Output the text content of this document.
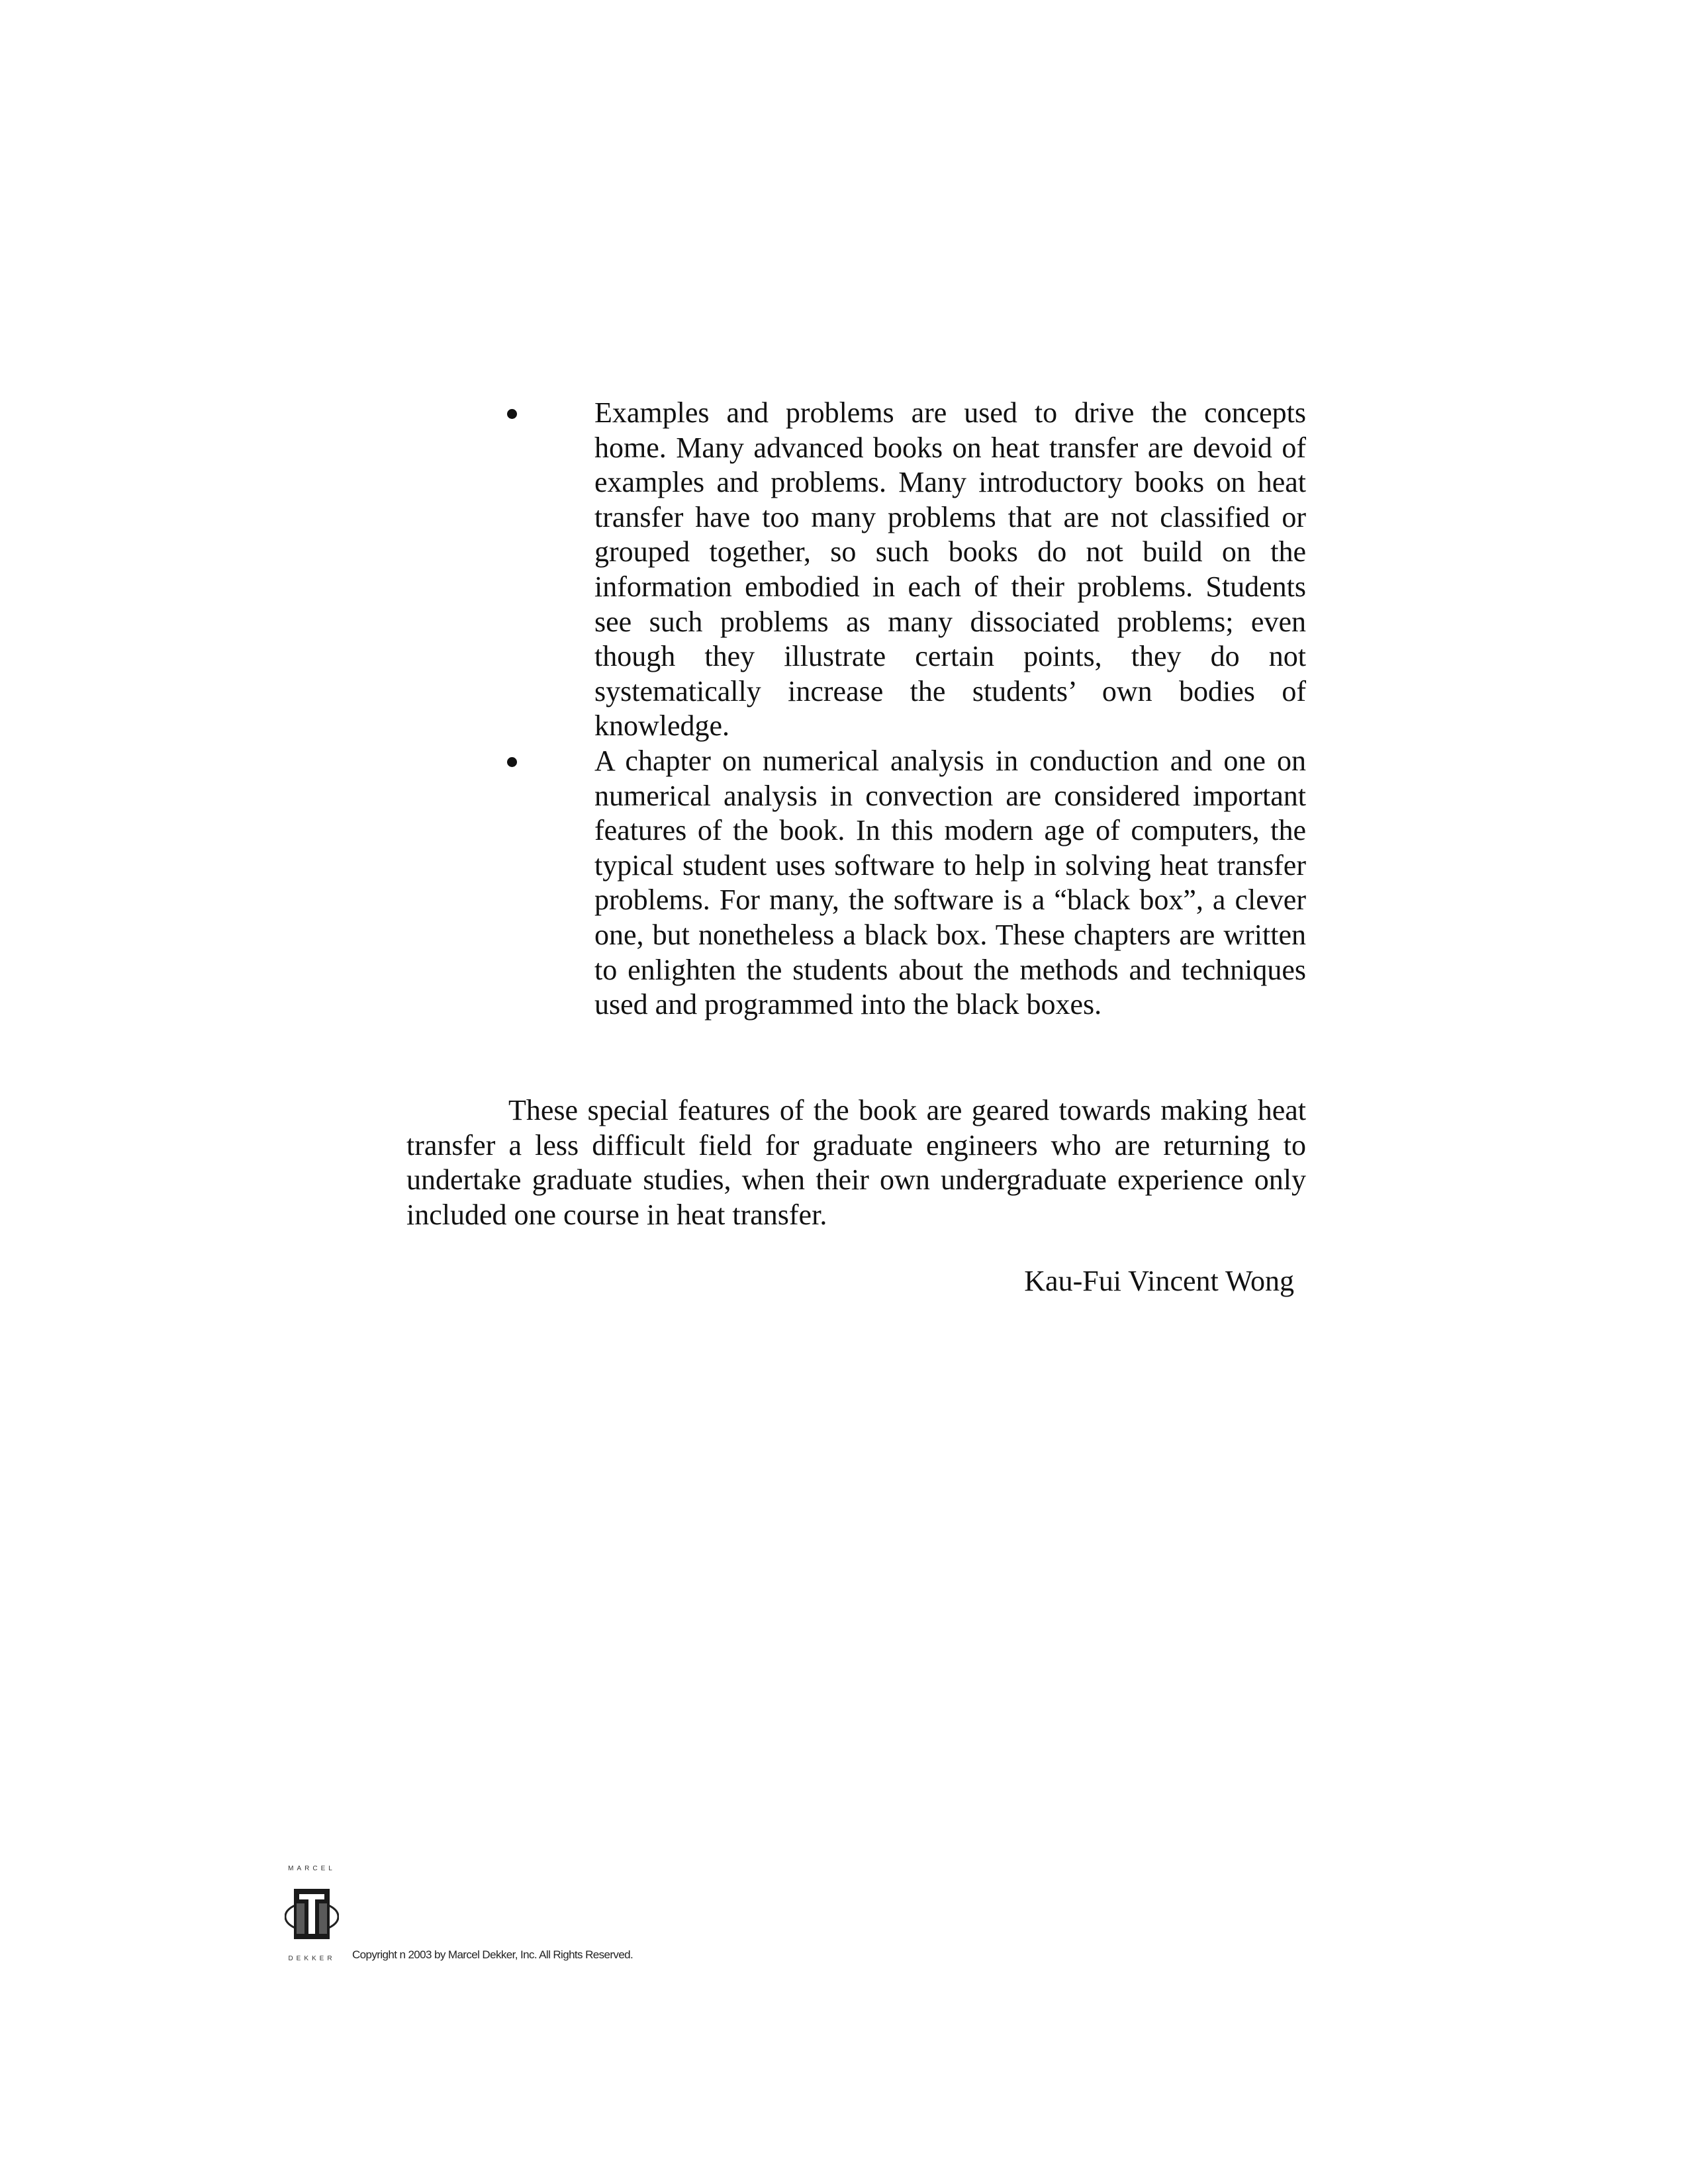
Examples and problems are used to drive the concepts home. Many advanced books on heat transfer are devoid of examples and problems. Many introductory books on heat transfer have too many problems that are not classified or grouped together, so such books do not build on the information embodied in each of their problems. Students see such problems as many dissociated problems; even though they illustrate certain points, they do not systematically increase the students’ own bodies of knowledge.
A chapter on numerical analysis in conduction and one on numerical analysis in convection are considered important features of the book. In this modern age of computers, the typical student uses software to help in solving heat transfer problems. For many, the software is a “black box”, a clever one, but nonetheless a black box. These chapters are written to enlighten the students about the methods and techniques used and programmed into the black boxes.

These special features of the book are geared towards making heat transfer a less difficult field for graduate engineers who are returning to undertake graduate studies, when their own undergraduate experience only included one course in heat transfer.

Kau-Fui Vincent Wong

MARCEL
DEKKER	Copyright n 2003 by Marcel Dekker, Inc. All Rights Reserved.
